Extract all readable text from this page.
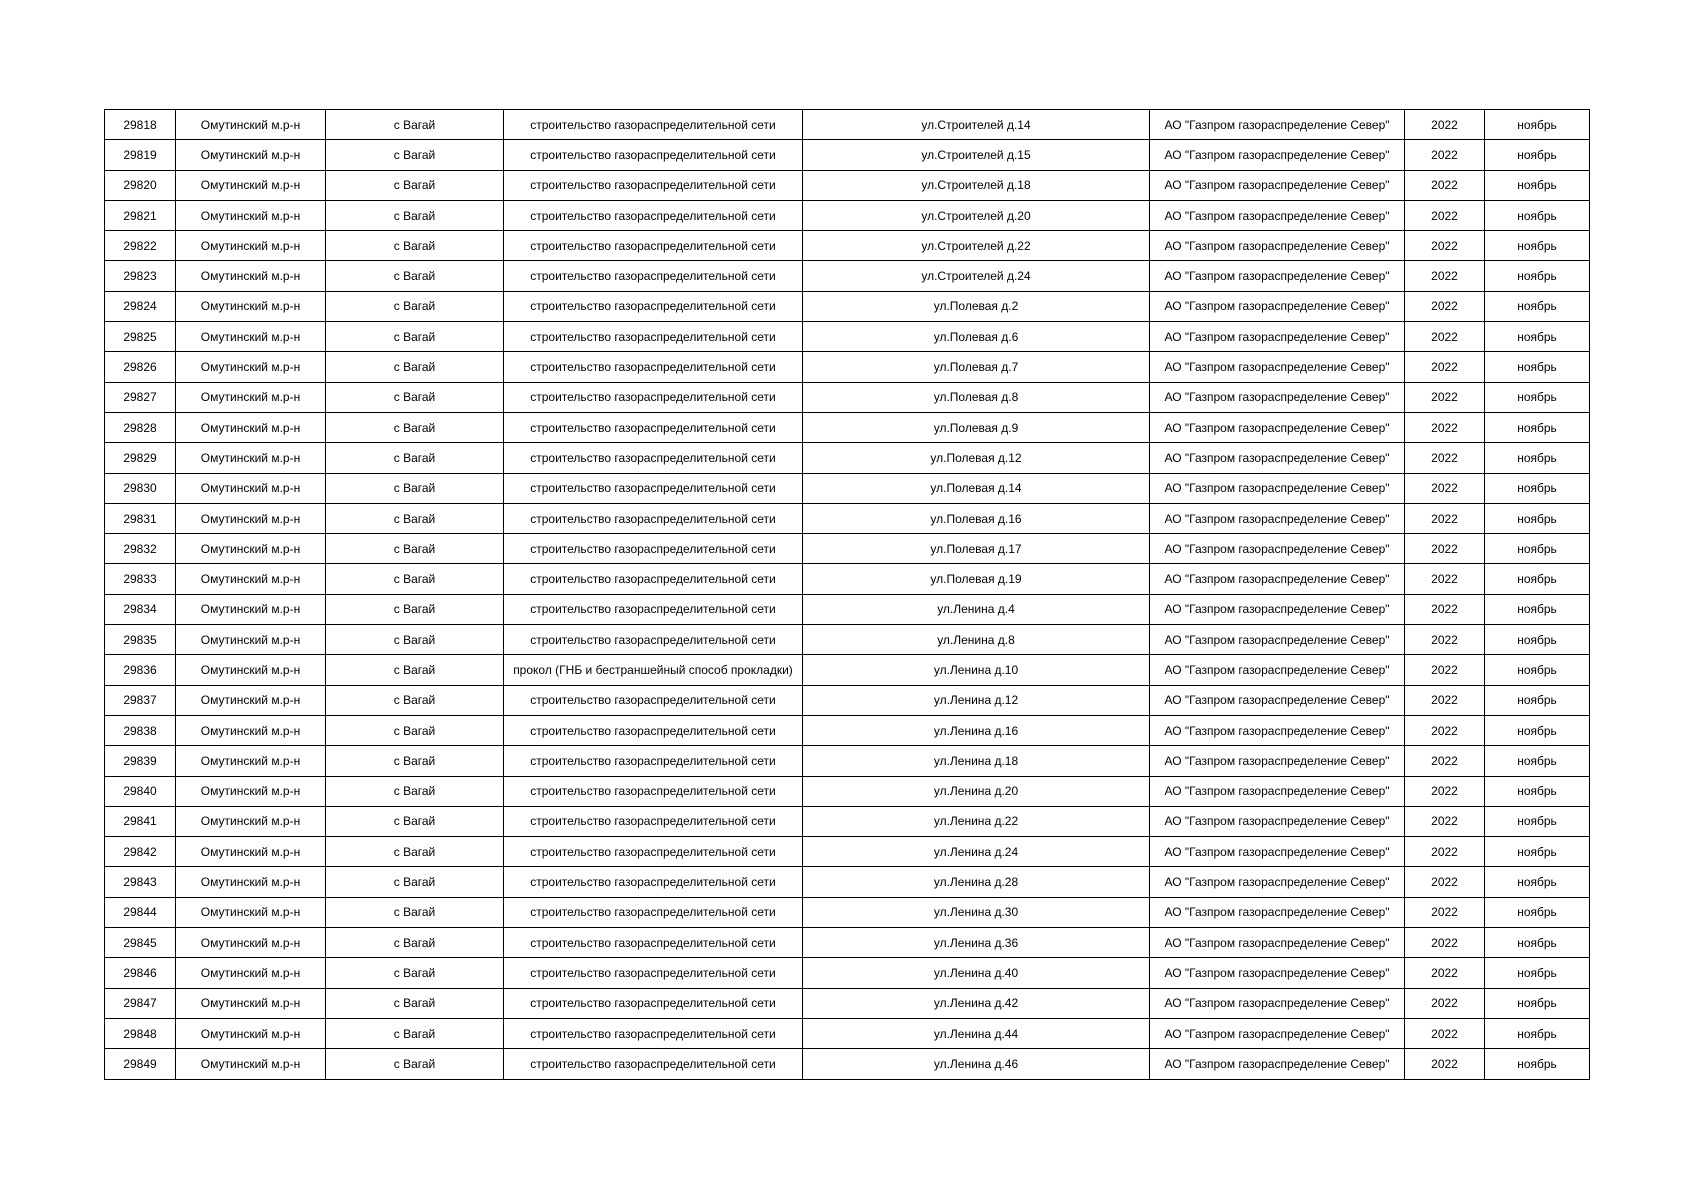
29818	Омутинский м.р-н	с Вагай	строительство газораспределительной сети	ул.Строителей д.14	АО "Газпром газораспределение Север"	2022	ноябрь
29819	Омутинский м.р-н	с Вагай	строительство газораспределительной сети	ул.Строителей д.15	АО "Газпром газораспределение Север"	2022	ноябрь
29820	Омутинский м.р-н	с Вагай	строительство газораспределительной сети	ул.Строителей д.18	АО "Газпром газораспределение Север"	2022	ноябрь
29821	Омутинский м.р-н	с Вагай	строительство газораспределительной сети	ул.Строителей д.20	АО "Газпром газораспределение Север"	2022	ноябрь
29822	Омутинский м.р-н	с Вагай	строительство газораспределительной сети	ул.Строителей д.22	АО "Газпром газораспределение Север"	2022	ноябрь
29823	Омутинский м.р-н	с Вагай	строительство газораспределительной сети	ул.Строителей д.24	АО "Газпром газораспределение Север"	2022	ноябрь
29824	Омутинский м.р-н	с Вагай	строительство газораспределительной сети	ул.Полевая д.2	АО "Газпром газораспределение Север"	2022	ноябрь
29825	Омутинский м.р-н	с Вагай	строительство газораспределительной сети	ул.Полевая д.6	АО "Газпром газораспределение Север"	2022	ноябрь
29826	Омутинский м.р-н	с Вагай	строительство газораспределительной сети	ул.Полевая д.7	АО "Газпром газораспределение Север"	2022	ноябрь
29827	Омутинский м.р-н	с Вагай	строительство газораспределительной сети	ул.Полевая д.8	АО "Газпром газораспределение Север"	2022	ноябрь
29828	Омутинский м.р-н	с Вагай	строительство газораспределительной сети	ул.Полевая д.9	АО "Газпром газораспределение Север"	2022	ноябрь
29829	Омутинский м.р-н	с Вагай	строительство газораспределительной сети	ул.Полевая д.12	АО "Газпром газораспределение Север"	2022	ноябрь
29830	Омутинский м.р-н	с Вагай	строительство газораспределительной сети	ул.Полевая д.14	АО "Газпром газораспределение Север"	2022	ноябрь
29831	Омутинский м.р-н	с Вагай	строительство газораспределительной сети	ул.Полевая д.16	АО "Газпром газораспределение Север"	2022	ноябрь
29832	Омутинский м.р-н	с Вагай	строительство газораспределительной сети	ул.Полевая д.17	АО "Газпром газораспределение Север"	2022	ноябрь
29833	Омутинский м.р-н	с Вагай	строительство газораспределительной сети	ул.Полевая д.19	АО "Газпром газораспределение Север"	2022	ноябрь
29834	Омутинский м.р-н	с Вагай	строительство газораспределительной сети	ул.Ленина д.4	АО "Газпром газораспределение Север"	2022	ноябрь
29835	Омутинский м.р-н	с Вагай	строительство газораспределительной сети	ул.Ленина д.8	АО "Газпром газораспределение Север"	2022	ноябрь
29836	Омутинский м.р-н	с Вагай	прокол (ГНБ и бестраншейный способ прокладки)	ул.Ленина д.10	АО "Газпром газораспределение Север"	2022	ноябрь
29837	Омутинский м.р-н	с Вагай	строительство газораспределительной сети	ул.Ленина д.12	АО "Газпром газораспределение Север"	2022	ноябрь
29838	Омутинский м.р-н	с Вагай	строительство газораспределительной сети	ул.Ленина д.16	АО "Газпром газораспределение Север"	2022	ноябрь
29839	Омутинский м.р-н	с Вагай	строительство газораспределительной сети	ул.Ленина д.18	АО "Газпром газораспределение Север"	2022	ноябрь
29840	Омутинский м.р-н	с Вагай	строительство газораспределительной сети	ул.Ленина д.20	АО "Газпром газораспределение Север"	2022	ноябрь
29841	Омутинский м.р-н	с Вагай	строительство газораспределительной сети	ул.Ленина д.22	АО "Газпром газораспределение Север"	2022	ноябрь
29842	Омутинский м.р-н	с Вагай	строительство газораспределительной сети	ул.Ленина д.24	АО "Газпром газораспределение Север"	2022	ноябрь
29843	Омутинский м.р-н	с Вагай	строительство газораспределительной сети	ул.Ленина д.28	АО "Газпром газораспределение Север"	2022	ноябрь
29844	Омутинский м.р-н	с Вагай	строительство газораспределительной сети	ул.Ленина д.30	АО "Газпром газораспределение Север"	2022	ноябрь
29845	Омутинский м.р-н	с Вагай	строительство газораспределительной сети	ул.Ленина д.36	АО "Газпром газораспределение Север"	2022	ноябрь
29846	Омутинский м.р-н	с Вагай	строительство газораспределительной сети	ул.Ленина д.40	АО "Газпром газораспределение Север"	2022	ноябрь
29847	Омутинский м.р-н	с Вагай	строительство газораспределительной сети	ул.Ленина д.42	АО "Газпром газораспределение Север"	2022	ноябрь
29848	Омутинский м.р-н	с Вагай	строительство газораспределительной сети	ул.Ленина д.44	АО "Газпром газораспределение Север"	2022	ноябрь
29849	Омутинский м.р-н	с Вагай	строительство газораспределительной сети	ул.Ленина д.46	АО "Газпром газораспределение Север"	2022	ноябрь
